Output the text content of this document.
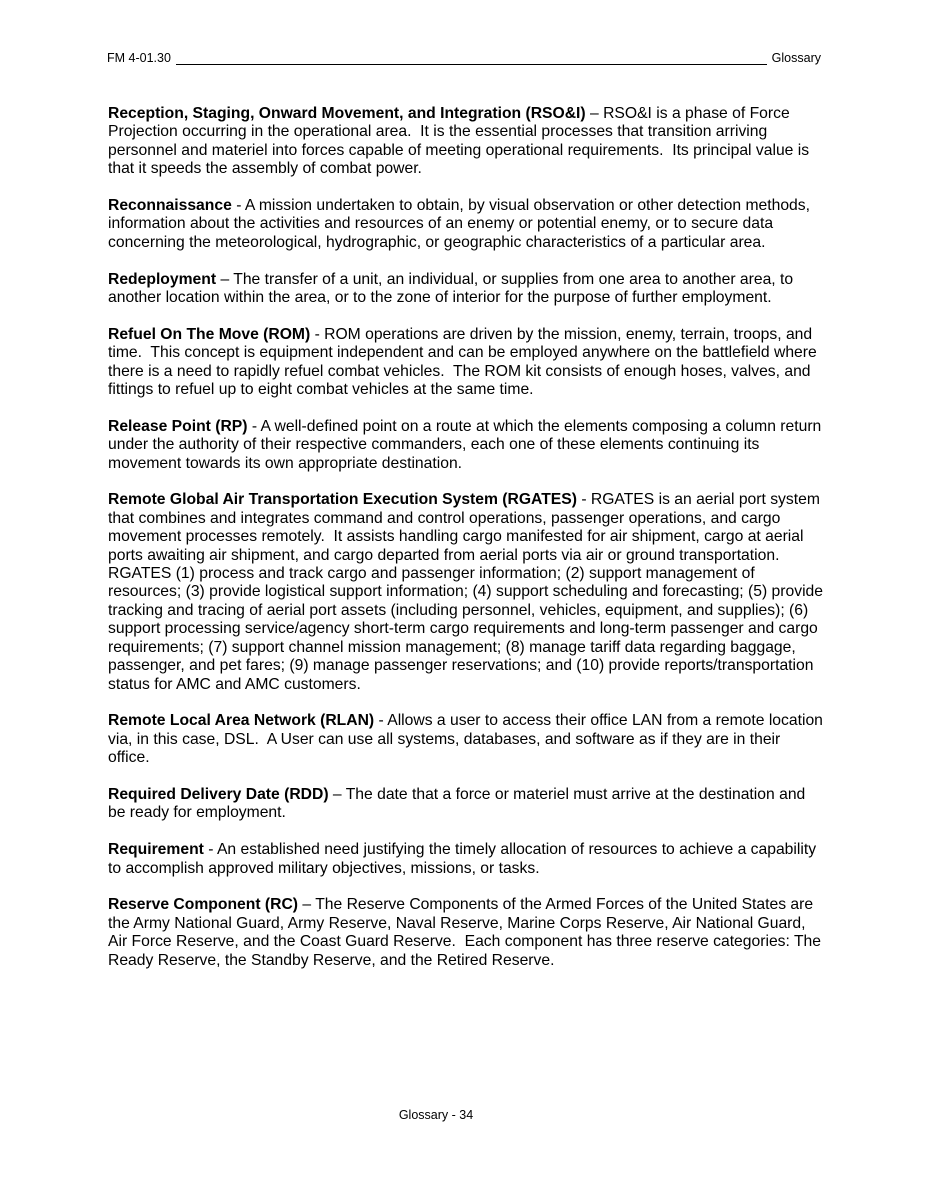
FM 4-01.30	Glossary

Reception, Staging, Onward Movement, and Integration (RSO&I) – RSO&I is a phase of Force Projection occurring in the operational area.  It is the essential processes that transition arriving personnel and materiel into forces capable of meeting operational requirements.  Its principal value is that it speeds the assembly of combat power.

Reconnaissance - A mission undertaken to obtain, by visual observation or other detection methods, information about the activities and resources of an enemy or potential enemy, or to secure data concerning the meteorological, hydrographic, or geographic characteristics of a particular area.

Redeployment – The transfer of a unit, an individual, or supplies from one area to another area, to another location within the area, or to the zone of interior for the purpose of further employment.

Refuel On The Move (ROM) - ROM operations are driven by the mission, enemy, terrain, troops, and time.  This concept is equipment independent and can be employed anywhere on the battlefield where there is a need to rapidly refuel combat vehicles.  The ROM kit consists of enough hoses, valves, and fittings to refuel up to eight combat vehicles at the same time.

Release Point (RP) - A well-defined point on a route at which the elements composing a column return under the authority of their respective commanders, each one of these elements continuing its movement towards its own appropriate destination.

Remote Global Air Transportation Execution System (RGATES) - RGATES is an aerial port system that combines and integrates command and control operations, passenger operations, and cargo movement processes remotely.  It assists handling cargo manifested for air shipment, cargo at aerial ports awaiting air shipment, and cargo departed from aerial ports via air or ground transportation.  RGATES (1) process and track cargo and passenger information; (2) support management of resources; (3) provide logistical support information; (4) support scheduling and forecasting; (5) provide tracking and tracing of aerial port assets (including personnel, vehicles, equipment, and supplies); (6) support processing service/agency short-term cargo requirements and long-term passenger and cargo requirements; (7) support channel mission management; (8) manage tariff data regarding baggage, passenger, and pet fares; (9) manage passenger reservations; and (10) provide reports/transportation status for AMC and AMC customers.

Remote Local Area Network (RLAN) - Allows a user to access their office LAN from a remote location via, in this case, DSL.  A User can use all systems, databases, and software as if they are in their office.

Required Delivery Date (RDD) – The date that a force or materiel must arrive at the destination and be ready for employment.

Requirement - An established need justifying the timely allocation of resources to achieve a capability to accomplish approved military objectives, missions, or tasks.

Reserve Component (RC) – The Reserve Components of the Armed Forces of the United States are the Army National Guard, Army Reserve, Naval Reserve, Marine Corps Reserve, Air National Guard, Air Force Reserve, and the Coast Guard Reserve.  Each component has three reserve categories: The Ready Reserve, the Standby Reserve, and the Retired Reserve.

Glossary - 34
